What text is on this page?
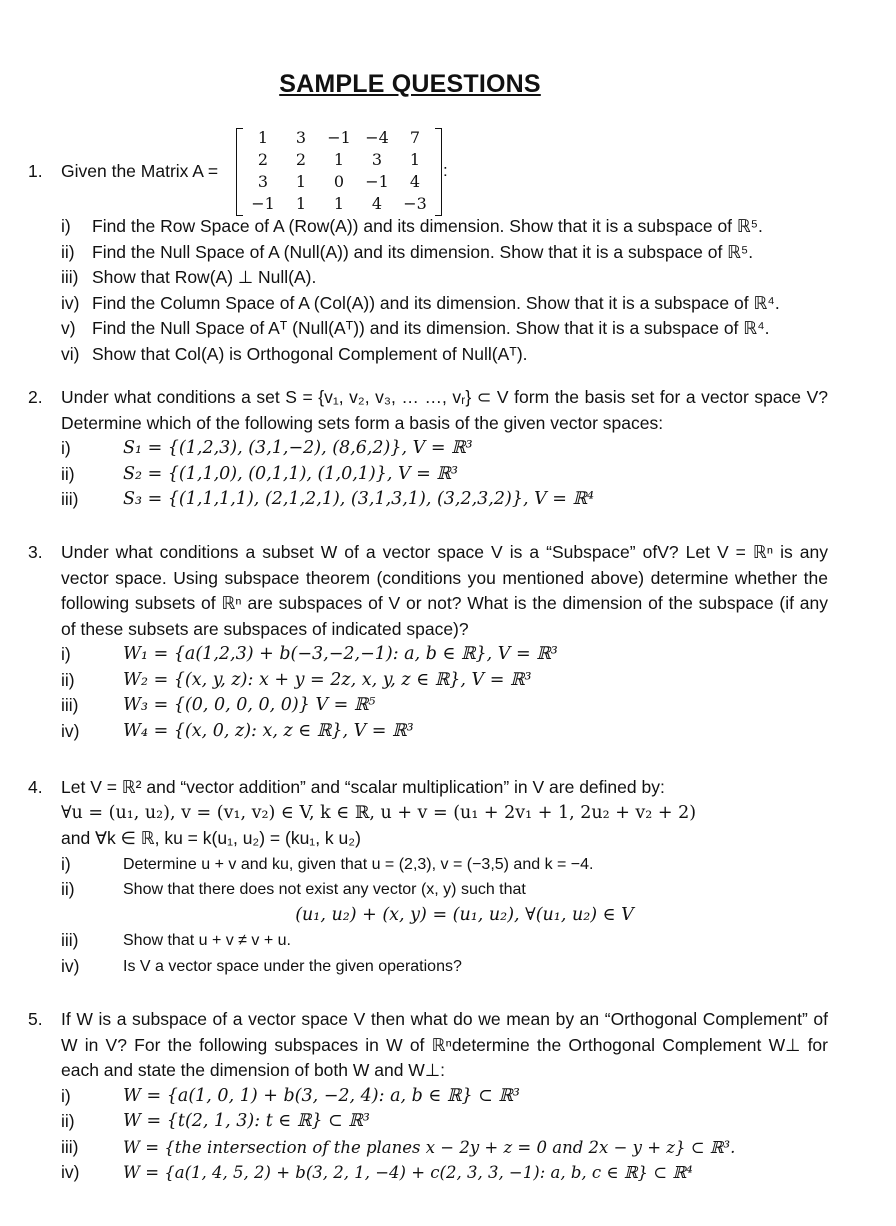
SAMPLE QUESTIONS
1. Given the Matrix A =
1	3	−1	−4	7
2	2	1	3	1
3	1	0	−1	4
−1	1	1	4	−3
:
i)	Find the Row Space of A (Row(A)) and its dimension. Show that it is a subspace of ℝ⁵.
ii) Find the Null Space of A (Null(A)) and its dimension. Show that it is a subspace of ℝ⁵.
iii) Show that Row(A) ⊥ Null(A).
iv) Find the Column Space of A (Col(A)) and its dimension. Show that it is a subspace of ℝ⁴.
v) Find the Null Space of Aᵀ (Null(Aᵀ)) and its dimension. Show that it is a subspace of ℝ⁴.
vi) Show that Col(A) is Orthogonal Complement of Null(Aᵀ).
2. Under what conditions a set S = {v₁, v₂, v₃, … …, vᵣ} ⊂ V form the basis set for a vector space V? Determine which of the following sets form a basis of the given vector spaces:
i)	S₁ = {(1,2,3), (3,1,−2), (8,6,2)}, V = ℝ³
ii)	S₂ = {(1,1,0), (0,1,1), (1,0,1)}, V = ℝ³
iii)	S₃ = {(1,1,1,1), (2,1,2,1), (3,1,3,1), (3,2,3,2)}, V = ℝ⁴
3. Under what conditions a subset W of a vector space V is a “Subspace” ofV? Let V = ℝⁿ is any vector space. Using subspace theorem (conditions you mentioned above) determine whether the following subsets of ℝⁿ are subspaces of V or not? What is the dimension of the subspace (if any of these subsets are subspaces of indicated space)?
i)	W₁ = {a(1,2,3) + b(−3,−2,−1): a, b ∈ ℝ}, V = ℝ³
ii)	W₂ = {(x, y, z): x + y = 2z, x, y, z ∈ ℝ}, V = ℝ³
iii)	W₃ = {(0, 0, 0, 0, 0)} V = ℝ⁵
iv)	W₄ = {(x, 0, z): x, z ∈ ℝ}, V = ℝ³
4. Let V = ℝ² and “vector addition” and “scalar multiplication” in V are defined by:
∀u = (u₁, u₂), v = (v₁, v₂) ∈ V, k ∈ ℝ, u + v = (u₁ + 2v₁ + 1, 2u₂ + v₂ + 2)
and ∀k ∈ ℝ, ku = k(u₁, u₂) = (ku₁, k u₂)
i)	Determine u + v and ku, given that u = (2,3), v = (−3,5) and k = −4.
ii)	Show that there does not exist any vector (x, y) such that
(u₁, u₂) + (x, y) = (u₁, u₂), ∀(u₁, u₂) ∈ V
iii)	Show that u + v ≠ v + u.
iv)	Is V a vector space under the given operations?
5. If W is a subspace of a vector space V then what do we mean by an “Orthogonal Complement” of W in V? For the following subspaces in W of ℝⁿdetermine the Orthogonal Complement W⊥ for each and state the dimension of both W and W⊥:
i)	W = {a(1, 0, 1) + b(3, −2, 4): a, b ∈ ℝ} ⊂ ℝ³
ii)	W = {t(2, 1, 3): t ∈ ℝ} ⊂ ℝ³
iii)	W = {the intersection of the planes x − 2y + z = 0 and 2x − y + z} ⊂ ℝ³.
iv)	W = {a(1, 4, 5, 2) + b(3, 2, 1, −4) + c(2, 3, 3, −1): a, b, c ∈ ℝ} ⊂ ℝ⁴
